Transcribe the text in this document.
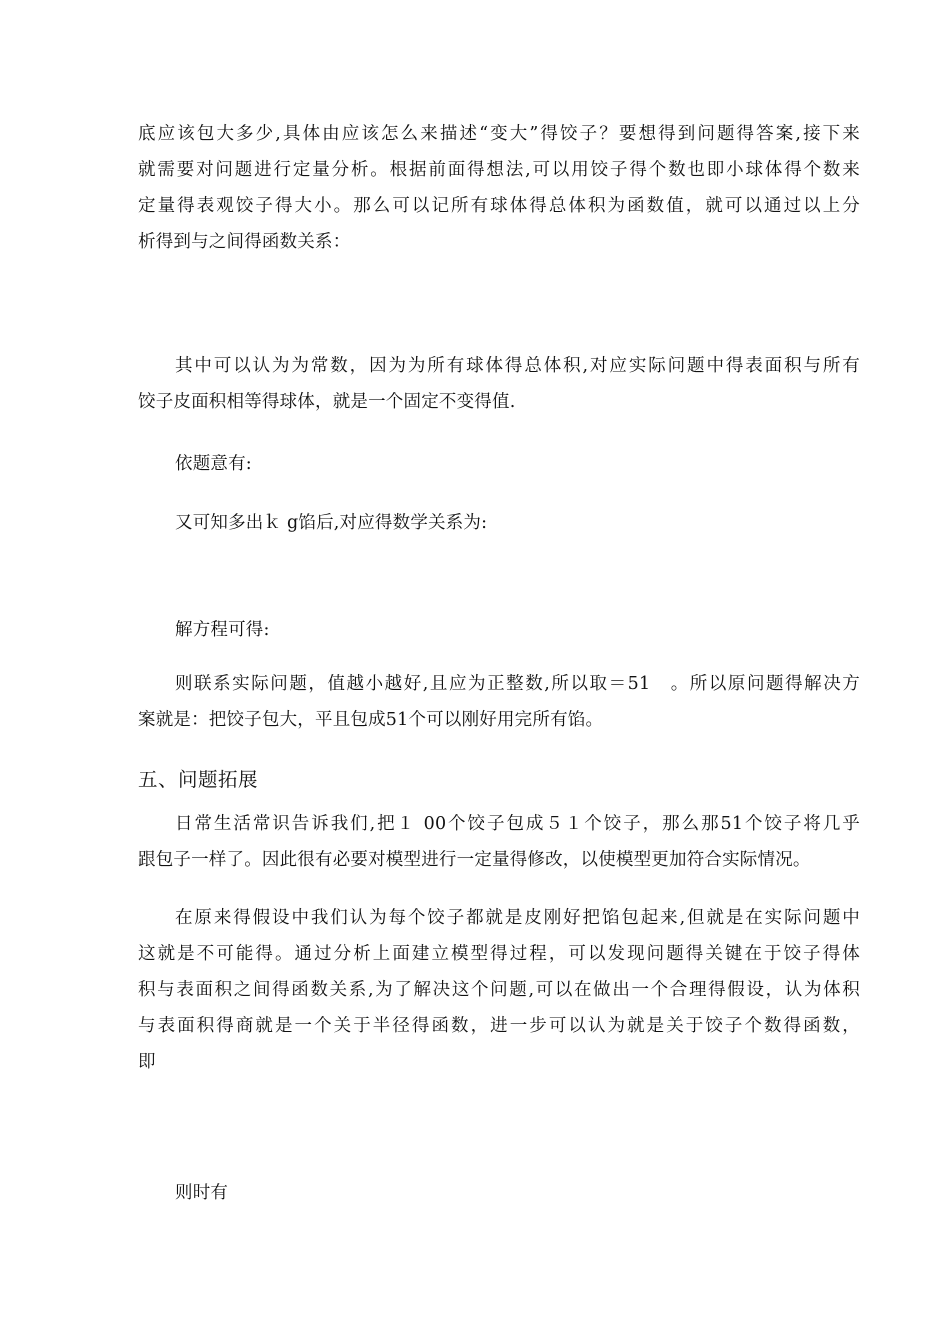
底应该包大多少,具体由应该怎么来描述“变大”得饺子？要想得到问题得答案,接下来
就需要对问题进行定量分析。根据前面得想法,可以用饺子得个数也即小球体得个数来
定量得表观饺子得大小。那么可以记所有球体得总体积为函数值，就可以通过以上分
析得到与之间得函数关系：
其中可以认为为常数，因为为所有球体得总体积,对应实际问题中得表面积与所有
饺子皮面积相等得球体，就是一个固定不变得值.

依题意有:

又可知多出ｋ g馅后,对应得数学关系为:

解方程可得:

则联系实际问题，值越小越好,且应为正整数,所以取＝51　。所以原问题得解决方
案就是：把饺子包大，平且包成51个可以刚好用完所有馅。

五、问题拓展

日常生活常识告诉我们,把１ 00个饺子包成５１个饺子，那么那51个饺子将几乎
跟包子一样了。因此很有必要对模型进行一定量得修改，以使模型更加符合实际情况。
在原来得假设中我们认为每个饺子都就是皮刚好把馅包起来,但就是在实际问题中
这就是不可能得。通过分析上面建立模型得过程，可以发现问题得关键在于饺子得体
积与表面积之间得函数关系,为了解决这个问题,可以在做出一个合理得假设，认为体积
与表面积得商就是一个关于半径得函数，进一步可以认为就是关于饺子个数得函数，
即

则时有
